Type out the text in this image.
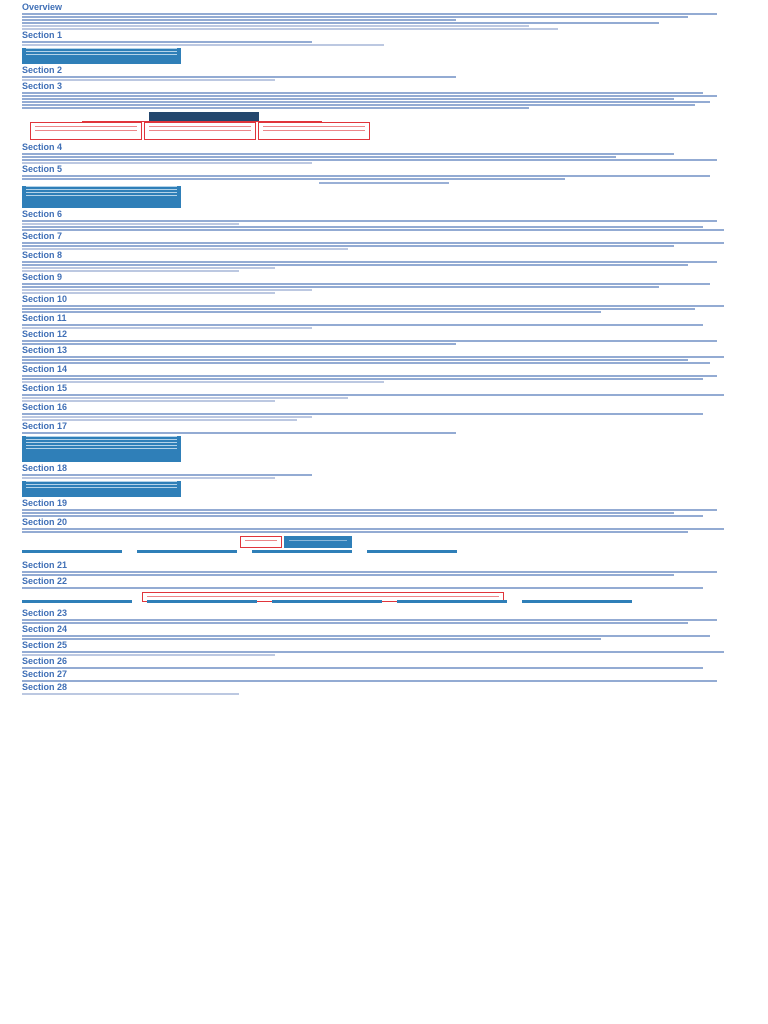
Overview
Section 1
Section 2
Section 3
Section 4
Section 5
Section 6
Section 7
Section 8
Section 9
Section 10
Section 11
Section 12
Section 13
Section 14
Section 15
Section 16
Section 17
Section 18
Section 19
Section 20
Section 21
Section 22
Section 23
Section 24
Section 25
Section 26
Section 27
Section 28
